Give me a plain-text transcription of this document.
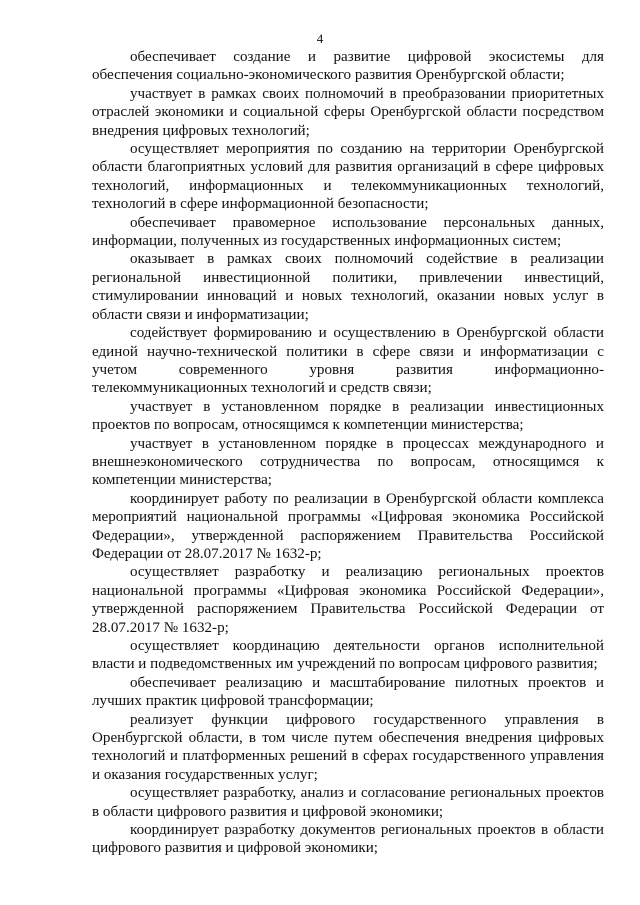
4

обеспечивает создание и развитие цифровой экосистемы для обеспечения социально-экономического развития Оренбургской области;

участвует в рамках своих полномочий в преобразовании приоритетных отраслей экономики и социальной сферы Оренбургской области посредством внедрения цифровых технологий;

осуществляет мероприятия по созданию на территории Оренбургской области благоприятных условий для развития организаций в сфере цифровых технологий, информационных и телекоммуникационных технологий, технологий в сфере информационной безопасности;

обеспечивает правомерное использование персональных данных, информации, полученных из государственных информационных систем;

оказывает в рамках своих полномочий содействие в реализации региональной инвестиционной политики, привлечении инвестиций, стимулировании инноваций и новых технологий, оказании новых услуг в области связи и информатизации;

содействует формированию и осуществлению в Оренбургской области единой научно-технической политики в сфере связи и информатизации с учетом современного уровня развития информационно-телекоммуникационных технологий и средств связи;

участвует в установленном порядке в реализации инвестиционных проектов по вопросам, относящимся к компетенции министерства;

участвует в установленном порядке в процессах международного и внешнеэкономического сотрудничества по вопросам, относящимся к компетенции министерства;

координирует работу по реализации в Оренбургской области комплекса мероприятий национальной программы «Цифровая экономика Российской Федерации», утвержденной распоряжением Правительства Российской Федерации от 28.07.2017 № 1632-р;

осуществляет разработку и реализацию региональных проектов национальной программы «Цифровая экономика Российской Федерации», утвержденной распоряжением Правительства Российской Федерации от 28.07.2017 № 1632-р;

осуществляет координацию деятельности органов исполнительной власти и подведомственных им учреждений по вопросам цифрового развития;

обеспечивает реализацию и масштабирование пилотных проектов и лучших практик цифровой трансформации;

реализует функции цифрового государственного управления в Оренбургской области, в том числе путем обеспечения внедрения цифровых технологий и платформенных решений в сферах государственного управления и оказания государственных услуг;

осуществляет разработку, анализ и согласование региональных проектов в области цифрового развития и цифровой экономики;

координирует разработку документов региональных проектов в области цифрового развития и цифровой экономики;
